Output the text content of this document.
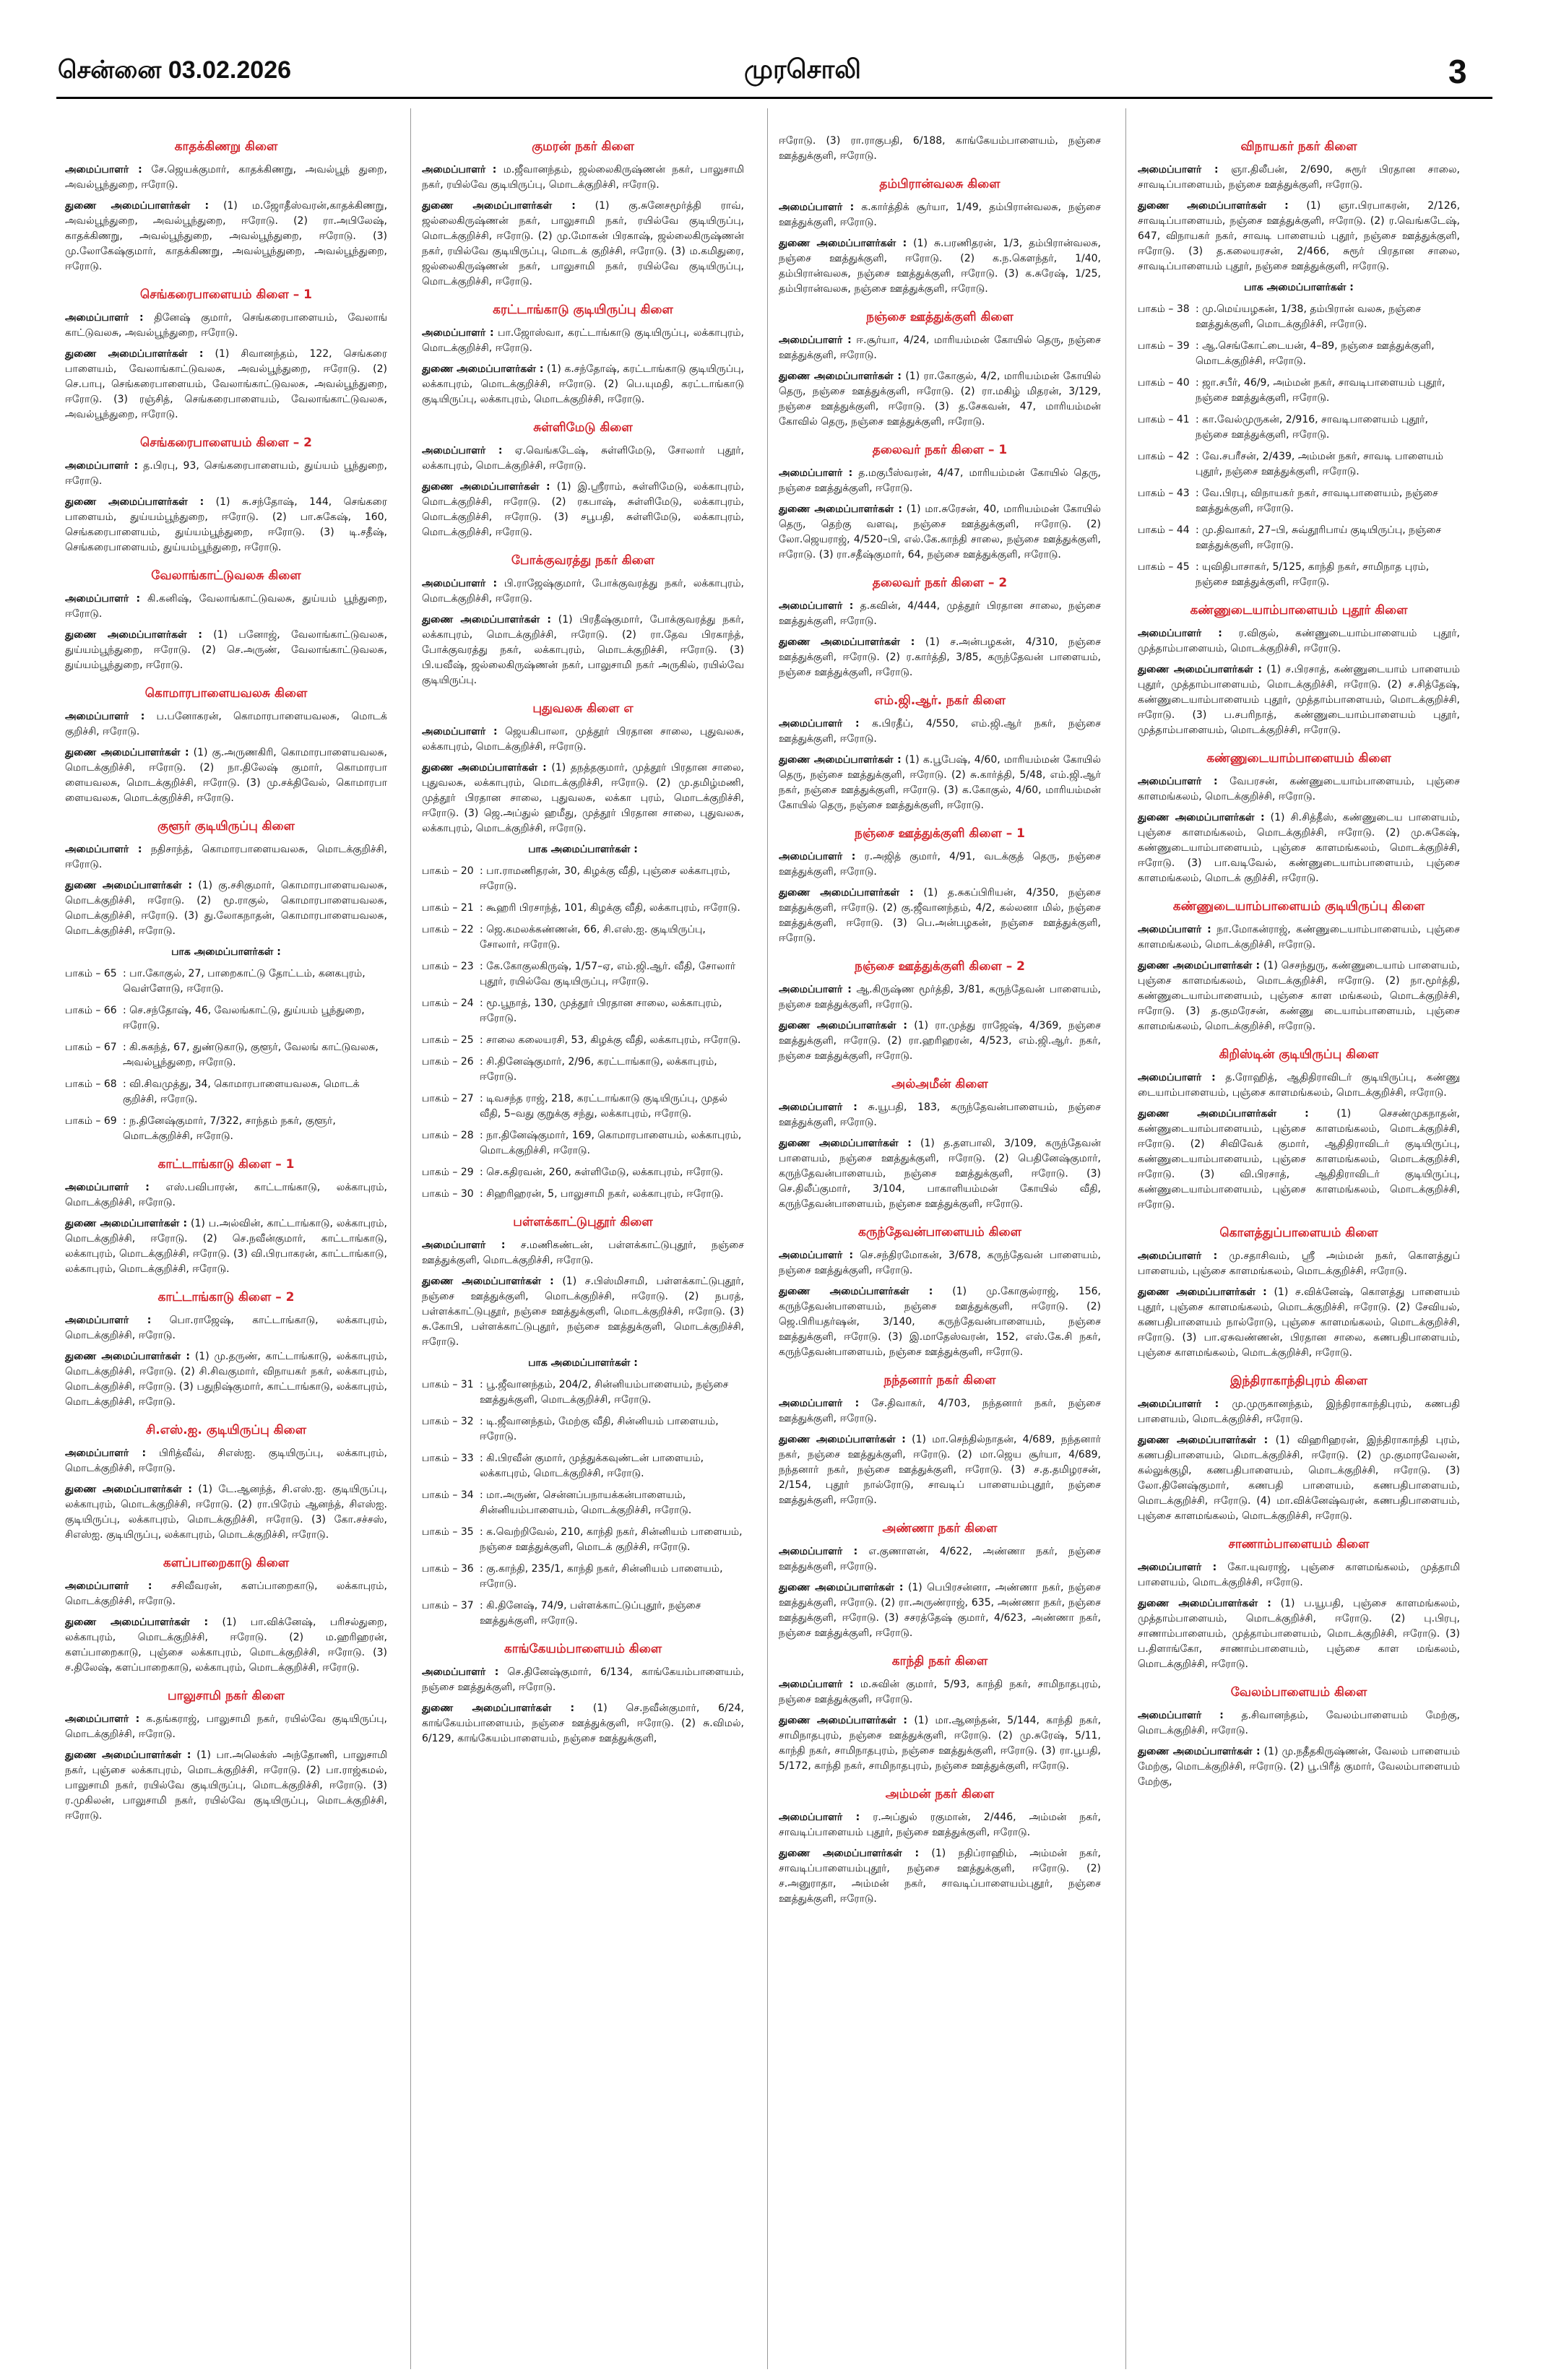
சென்னை 03.02.2026	முரசொலி	3
காதக்கிணறு கிளை

அமைப்பாளர் : சே.ஜெயக்குமார், காதக்கிணறு, அவல்பூந் துறை, அவல்பூந்துறை, ஈரோடு.

துணை அமைப்பாளர்கள் : (1) ம.ஜோதீஸ்வரன்,காதக்கிணறு, அவல்பூந்துறை, அவல்பூந்துறை, ஈரோடு. (2) ரா.அபிலேஷ், காதக்கிணறு, அவல்பூந்துறை, அவல்பூந்துறை, ஈரோடு. (3) மு.லோகேஷ்குமார், காதக்கிணறு, அவல்பூந்துறை, அவல்பூந்துறை, ஈரோடு.

செங்கரைபாளையம் கிளை – 1

அமைப்பாளர் : தினேஷ் குமார், செங்கரைபாளையம், வேலாங் காட்டுவலசு, அவல்பூந்துறை, ஈரோடு.

துணை அமைப்பாளர்கள் : (1) சிவானந்தம், 122, செங்கரை பாளையம், வேலாங்காட்டுவலசு, அவல்பூந்துறை, ஈரோடு. (2) செ.பாபு, செங்கரைபாளையம், வேலாங்காட்டுவலசு, அவல்பூந்துறை, ஈரோடு. (3) ரஞ்சித், செங்கரைபாளையம், வேலாங்காட்டுவலசு, அவல்பூந்துறை, ஈரோடு.

செங்கரைபாளையம் கிளை – 2

அமைப்பாளர் : த.பிரபு, 93, செங்கரைபாளையம், துய்யம் பூந்துறை, ஈரோடு.

துணை அமைப்பாளர்கள் : (1) சு.சந்தோஷ், 144, செங்கரை பாளையம், துய்யம்பூந்துறை, ஈரோடு. (2) பா.சுகேஷ், 160, செங்கரைபாளையம், துய்யம்பூந்துறை, ஈரோடு. (3) டி.சதீஷ், செங்கரைபாளையம், துய்யம்பூந்துறை, ஈரோடு.

வேலாங்காட்டுவலசு கிளை

அமைப்பாளர் : கி.கனிஷ், வேலாங்காட்டுவலசு, துய்யம் பூந்துறை, ஈரோடு.

துணை அமைப்பாளர்கள் : (1) பனோஜ், வேலாங்காட்டுவலசு, துய்யம்பூந்துறை, ஈரோடு. (2) செ.அருண், வேலாங்காட்டுவலசு, துய்யம்பூந்துறை, ஈரோடு.

கொமாரபாளையவலசு கிளை

அமைப்பாளர் : ப.பனோகரன், கொமாரபாளையவலசு, மொடக் குறிச்சி, ஈரோடு.

துணை அமைப்பாளர்கள் : (1) கு.அருணகிரி, கொமாரபாளையவலசு, மொடக்குறிச்சி, ஈரோடு. (2) நா.திலேஷ் குமார், கொமாரபா ளையவலசு, மொடக்குறிச்சி, ஈரோடு. (3) மு.சக்திவேல், கொமாரபா ளையவலசு, மொடக்குறிச்சி, ஈரோடு.

குளூர் குடியிருப்பு கிளை

அமைப்பாளர் : நதிசாந்த், கொமாரபாளையவலசு, மொடக்குறிச்சி, ஈரோடு.

துணை அமைப்பாளர்கள் : (1) கு.சசிகுமார், கொமாரபாளையவலசு, மொடக்குறிச்சி, ஈரோடு. (2) மூ.ராகுல், கொமாரபாளையவலசு, மொடக்குறிச்சி, ஈரோடு. (3) து.லோகநாதன், கொமாரபாளையவலசு, மொடக்குறிச்சி, ஈரோடு.

பாக அமைப்பாளர்கள் :
பாகம் – 65 : பா.கோகுல், 27, பாறைகாட்டு தோட்டம், கனகபுரம், வெள்ளோடு, ஈரோடு.
பாகம் – 66 : செ.சந்தோஷ், 46, வேலங்காட்டு, துய்யம் பூந்துறை, ஈரோடு.
பாகம் – 67 : கி.சுகந்த், 67, துண்டுகாடு, குளூர், வேலங் காட்டுவலசு, அவல்பூந்துறை, ஈரோடு.
பாகம் – 68 : வி.சிவமுத்து, 34, கொமாரபாளையவலசு, மொடக் குறிச்சி, ஈரோடு.
பாகம் – 69 : ந.தினேஷ்குமார், 7/322, சாந்தம் நகர், குளூர், மொடக்குறிச்சி, ஈரோடு.
காட்டாங்காடு கிளை – 1

அமைப்பாளர் : எஸ்.பவிபாரன், காட்டாங்காடு, லக்காபுரம், மொடக்குறிச்சி, ஈரோடு.

துணை அமைப்பாளர்கள் : (1) ப.அல்வின், காட்டாங்காடு, லக்காபுரம், மொடக்குறிச்சி, ஈரோடு. (2) செ.நவீன்குமார், காட்டாங்காடு, லக்காபுரம், மொடக்குறிச்சி, ஈரோடு. (3) வி.பிரபாகரன், காட்டாங்காடு, லக்காபுரம், மொடக்குறிச்சி, ஈரோடு.

காட்டாங்காடு கிளை – 2

அமைப்பாளர் : பொ.ராஜேஷ், காட்டாங்காடு, லக்காபுரம், மொடக்குறிச்சி, ஈரோடு.

துணை அமைப்பாளர்கள் : (1) மு.தருண், காட்டாங்காடு, லக்காபுரம், மொடக்குறிச்சி, ஈரோடு. (2) சி.சிவகுமார், விநாயகர் நகர், லக்காபுரம், மொடக்குறிச்சி, ஈரோடு. (3) பதுநிஷ்குமார், காட்டாங்காடு, லக்காபுரம், மொடக்குறிச்சி, ஈரோடு.

சி.எஸ்.ஐ. குடியிருப்பு கிளை

அமைப்பாளர் : பிரித்வீவ், சிஎஸ்ஐ. குடியிருப்பு, லக்காபுரம், மொடக்குறிச்சி, ஈரோடு.

துணை அமைப்பாளர்கள் : (1) டே.ஆனந்த், சி.எஸ்.ஐ. குடியிருப்பு, லக்காபுரம், மொடக்குறிச்சி, ஈரோடு. (2) ரா.பிரேம் ஆனந்த், சிஎஸ்ஐ. குடியிருப்பு, லக்காபுரம், மொடக்குறிச்சி, ஈரோடு. (3) கோ.சச்சஸ், சிஎஸ்ஐ. குடியிருப்பு, லக்காபுரம், மொடக்குறிச்சி, ஈரோடு.

களப்பாறைகாடு கிளை

அமைப்பாளர் : சசிவீவரன், களப்பாறைகாடு, லக்காபுரம், மொடக்குறிச்சி, ஈரோடு.

துணை அமைப்பாளர்கள் : (1) பா.விக்னேஷ், பரிசல்துறை, லக்காபுரம், மொடக்குறிச்சி, ஈரோடு. (2) ம.ஹரிஹரன், களப்பாறைகாடு, புஞ்சை லக்காபுரம், மொடக்குறிச்சி, ஈரோடு. (3) ச.திலேஷ், களப்பாறைகாடு, லக்காபுரம், மொடக்குறிச்சி, ஈரோடு.

பாலுசாமி நகர் கிளை

அமைப்பாளர் : க.தங்கராஜ், பாலுசாமி நகர், ரயில்வே குடியிருப்பு, மொடக்குறிச்சி, ஈரோடு.

துணை அமைப்பாளர்கள் : (1) பா.அலெக்ஸ் அந்தோணி, பாலுசாமி நகர், புஞ்சை லக்காபுரம், மொடக்குறிச்சி, ஈரோடு. (2) பா.ராஜ்கமல், பாலுசாமி நகர், ரயில்வே குடியிருப்பு, மொடக்குறிச்சி, ஈரோடு. (3) ர.முகிலன், பாலுசாமி நகர், ரயில்வே குடியிருப்பு, மொடக்குறிச்சி, ஈரோடு.

குமரன் நகர் கிளை

அமைப்பாளர் : ம.ஜீவானந்தம், ஜல்லைகிருஷ்ணன் நகர், பாலுசாமி நகர், ரயில்வே குடியிருப்பு, மொடக்குறிச்சி, ஈரோடு.

துணை அமைப்பாளர்கள் : (1) கு.சுனேசமூர்த்தி ராவ், ஜல்லைகிருஷ்ணன் நகர், பாலுசாமி நகர், ரயில்வே குடியிருப்பு, மொடக்குறிச்சி, ஈரோடு. (2) மு.மோகன் பிரகாஷ், ஜல்லைகிருஷ்ணன் நகர், ரயில்வே குடியிருப்பு, மொடக் குறிச்சி, ஈரோடு. (3) ம.கமிதுரை, ஜல்லைகிருஷ்ணன் நகர், பாலுசாமி நகர், ரயில்வே குடியிருப்பு, மொடக்குறிச்சி, ஈரோடு.

கரட்டாங்காடு குடியிருப்பு கிளை

அமைப்பாளர் : பா.ஜோஸ்வா, கரட்டாங்காடு குடியிருப்பு, லக்காபுரம், மொடக்குறிச்சி, ஈரோடு.

துணை அமைப்பாளர்கள் : (1) க.சந்தோஷ், கரட்டாங்காடு குடியிருப்பு, லக்காபுரம், மொடக்குறிச்சி, ஈரோடு. (2) பெ.யுமதி, கரட்டாங்காடு குடியிருப்பு, லக்காபுரம், மொடக்குறிச்சி, ஈரோடு.

சுள்ளிமேடு கிளை

அமைப்பாளர் : ஏ.வெங்கடேஷ், சுள்ளிமேடு, சோலார் புதூர், லக்காபுரம், மொடக்குறிச்சி, ஈரோடு.

துணை அமைப்பாளர்கள் : (1) இ.ஸ்ரீராம், சுள்ளிமேடு, லக்காபுரம், மொடக்குறிச்சி, ஈரோடு. (2) ரகபாஷ், சுள்ளிமேடு, லக்காபுரம், மொடக்குறிச்சி, ஈரோடு. (3) சபூபதி, சுள்ளிமேடு, லக்காபுரம், மொடக்குறிச்சி, ஈரோடு.

போக்குவரத்து நகர் கிளை

அமைப்பாளர் : பி.ராஜேஷ்குமார், போக்குவரத்து நகர், லக்காபுரம், மொடக்குறிச்சி, ஈரோடு.

துணை அமைப்பாளர்கள் : (1) பிரதீஷ்குமார், போக்குவரத்து நகர், லக்காபுரம், மொடக்குறிச்சி, ஈரோடு. (2) ரா.தேவ பிரகாந்த், போக்குவரத்து நகர், லக்காபுரம், மொடக்குறிச்சி, ஈரோடு. (3) பி.யவீஷ், ஜல்லைகிருஷ்ணன் நகர், பாலுசாமி நகர் அருகில், ரயில்வே குடியிருப்பு.

புதுவலசு கிளை எ

அமைப்பாளர் : ஜெயகிபாலா, முத்தூர் பிரதான சாலை, புதுவலசு, லக்காபுரம், மொடக்குறிச்சி, ஈரோடு.

துணை அமைப்பாளர்கள் : (1) தநத்தகுமார், முத்தூர் பிரதான சாலை, புதுவலசு, லக்காபுரம், மொடக்குறிச்சி, ஈரோடு. (2) மு.தமிழ்மணி, முத்தூர் பிரதான சாலை, புதுவலசு, லக்கா புரம், மொடக்குறிச்சி, ஈரோடு. (3) ஜெ.அப்துல் ஹமீது, முத்தூர் பிரதான சாலை, புதுவலசு, லக்காபுரம், மொடக்குறிச்சி, ஈரோடு.

பாக அமைப்பாளர்கள் :
பாகம் – 20 : பா.ராமணிதரன், 30, கிழக்கு வீதி, புஞ்சை லக்காபுரம், ஈரோடு.
பாகம் – 21 : கூஹரி பிரசாந்த், 101, கிழக்கு வீதி, லக்காபுரம், ஈரோடு.
பாகம் – 22 : ஜெ.கமலக்கண்ணன், 66, சி.எஸ்.ஐ. குடியிருப்பு, சோலார், ஈரோடு.
பாகம் – 23 : கே.கோகுலகிருஷ், 1/57–ஏ, எம்.ஜி.ஆர். வீதி, சோலார் புதூர், ரயில்வே குடியிருப்பு, ஈரோடு.
பாகம் – 24 : மூ.பூநாத், 130, முத்தூர் பிரதான சாலை, லக்காபுரம், ஈரோடு.
பாகம் – 25 : சாலை கலையரசி, 53, கிழக்கு வீதி, லக்காபுரம், ஈரோடு.
பாகம் – 26 : சி.தினேஷ்குமார், 2/96, கரட்டாங்காடு, லக்காபுரம், ஈரோடு.
பாகம் – 27 : டிவசந்த ராஜ், 218, கரட்டாங்காடு குடியிருப்பு, முதல் வீதி, 5–வது குறுக்கு சந்து, லக்காபுரம், ஈரோடு.
பாகம் – 28 : நா.தினேஷ்குமார், 169, கொமாரபாளையம், லக்காபுரம், மொடக்குறிச்சி, ஈரோடு.
பாகம் – 29 : செ.கதிரவன், 260, சுள்ளிமேடு, லக்காபுரம், ஈரோடு.
பாகம் – 30 : சிஹரிஹரன், 5, பாலுசாமி நகர், லக்காபுரம், ஈரோடு.
பள்ளக்காட்டுபுதூர் கிளை

அமைப்பாளர் : ச.மணிகண்டன், பள்ளக்காட்டுபுதூர், நஞ்சை ஊத்துக்குளி, மொடக்குறிச்சி, ஈரோடு.

துணை அமைப்பாளர்கள் : (1) ச.பிஸ்மிசாமி, பள்ளக்காட்டுபுதூர், நஞ்சை ஊத்துக்குளி, மொடக்குறிச்சி, ஈரோடு. (2) நபரத், பள்ளக்காட்டுபுதூர், நஞ்சை ஊத்துக்குளி, மொடக்குறிச்சி, ஈரோடு. (3) சு.கோபி, பள்ளக்காட்டுபுதூர், நஞ்சை ஊத்துக்குளி, மொடக்குறிச்சி, ஈரோடு.

பாக அமைப்பாளர்கள் :
பாகம் – 31 : பூ.ஜீவானந்தம், 204/2, சின்னியம்பாளையம், நஞ்சை ஊத்துக்குளி, மொடக்குறிச்சி, ஈரோடு.
பாகம் – 32 : டி.ஜீவானந்தம், மேற்கு வீதி, சின்னியம் பாளையம், ஈரோடு.
பாகம் – 33 : கி.பிரவீன் குமார், முத்துக்கவுண்டன் பாளையம், லக்காபுரம், மொடக்குறிச்சி, ஈரோடு.
பாகம் – 34 : மா.அருண், சென்னப்பநாயக்கன்பாளையம், சின்னியம்பாளையம், மொடக்குறிச்சி, ஈரோடு.
பாகம் – 35 : க.வெற்றிவேல், 210, காந்தி நகர், சின்னியம் பாளையம், நஞ்சை ஊத்துக்குளி, மொடக் குறிச்சி, ஈரோடு.
பாகம் – 36 : கு.காந்தி, 235/1, காந்தி நகர், சின்னியம் பாளையம், ஈரோடு.
பாகம் – 37 : கி.தினேஷ், 74/9, பள்ளக்காட்டுப்புதூர், நஞ்சை ஊத்துக்குளி, ஈரோடு.
காங்கேயம்பாளையம் கிளை

அமைப்பாளர் : செ.தினேஷ்குமார், 6/134, காங்கேயம்பாளையம், நஞ்சை ஊத்துக்குளி, ஈரோடு.

துணை அமைப்பாளர்கள் : (1) செ.நவீன்குமார், 6/24, காங்கேயம்பாளையம், நஞ்சை ஊத்துக்குளி, ஈரோடு. (2) சு.விமல், 6/129, காங்கேயம்பாளையம், நஞ்சை ஊத்துக்குளி,

ஈரோடு. (3) ரா.ராகுபதி, 6/188, காங்கேயம்பாளையம், நஞ்சை ஊத்துக்குளி, ஈரோடு.

தம்பிரான்வலசு கிளை

அமைப்பாளர் : க.கார்த்திக் சூர்யா, 1/49, தம்பிரான்வலசு, நஞ்சை ஊத்துக்குளி, ஈரோடு.

துணை அமைப்பாளர்கள் : (1) சு.பரணிதரன், 1/3, தம்பிரான்வலசு, நஞ்சை ஊத்துக்குளி, ஈரோடு. (2) க.ந.கௌந்தர், 1/40, தம்பிரான்வலசு, நஞ்சை ஊத்துக்குளி, ஈரோடு. (3) க.சுரேஷ், 1/25, தம்பிரான்வலசு, நஞ்சை ஊத்துக்குளி, ஈரோடு.

நஞ்சை ஊத்துக்குளி கிளை

அமைப்பாளர் : ஈ.சூர்யா, 4/24, மாரியம்மன் கோயில் தெரு, நஞ்சை ஊத்துக்குளி, ஈரோடு.

துணை அமைப்பாளர்கள் : (1) ரா.கோகுல், 4/2, மாரியம்மன் கோயில் தெரு, நஞ்சை ஊத்துக்குளி, ஈரோடு. (2) ரா.மகிழ் மிதரன், 3/129, நஞ்சை ஊத்துக்குளி, ஈரோடு. (3) த.சேகவன், 47, மாரியம்மன் கோவில் தெரு, நஞ்சை ஊத்துக்குளி, ஈரோடு.

தலைவர் நகர் கிளை – 1

அமைப்பாளர் : த.மகுபீஸ்வரன், 4/47, மாரியம்மன் கோயில் தெரு, நஞ்சை ஊத்துக்குளி, ஈரோடு.

துணை அமைப்பாளர்கள் : (1) மா.சுரேசன், 40, மாரியம்மன் கோயில் தெரு, தெற்கு வளவு, நஞ்சை ஊத்துக்குளி, ஈரோடு. (2) லோ.ஜெயராஜ், 4/520–பி, எல்.கே.காந்தி சாலை, நஞ்சை ஊத்துக்குளி, ஈரோடு. (3) ரா.சதீஷ்குமார், 64, நஞ்சை ஊத்துக்குளி, ஈரோடு.

தலைவர் நகர் கிளை – 2

அமைப்பாளர் : த.கவின், 4/444, முத்தூர் பிரதான சாலை, நஞ்சை ஊத்துக்குளி, ஈரோடு.

துணை அமைப்பாளர்கள் : (1) ச.அன்பழகன், 4/310, நஞ்சை ஊத்துக்குளி, ஈரோடு. (2) ர.கார்த்தி, 3/85, கருந்தேவன் பாளையம், நஞ்சை ஊத்துக்குளி, ஈரோடு.

எம்.ஜி.ஆர். நகர் கிளை

அமைப்பாளர் : க.பிரதீப், 4/550, எம்.ஜி.ஆர் நகர், நஞ்சை ஊத்துக்குளி, ஈரோடு.

துணை அமைப்பாளர்கள் : (1) க.பூபேஷ், 4/60, மாரியம்மன் கோயில் தெரு, நஞ்சை ஊத்துக்குளி, ஈரோடு. (2) சு.கார்த்தி, 5/48, எம்.ஜி.ஆர் நகர், நஞ்சை ஊத்துக்குளி, ஈரோடு. (3) க.கோகுல், 4/60, மாரியம்மன் கோயில் தெரு, நஞ்சை ஊத்துக்குளி, ஈரோடு.

நஞ்சை ஊத்துக்குளி கிளை – 1

அமைப்பாளர் : ர.அஜித் குமார், 4/91, வடக்குத் தெரு, நஞ்சை ஊத்துக்குளி, ஈரோடு.

துணை அமைப்பாளர்கள் : (1) த.சுகப்பிரியன், 4/350, நஞ்சை ஊத்துக்குளி, ஈரோடு. (2) கு.ஜீவானந்தம், 4/2, கல்லனா மில், நஞ்சை ஊத்துக்குளி, ஈரோடு. (3) பெ.அன்பழகன், நஞ்சை ஊத்துக்குளி, ஈரோடு.

நஞ்சை ஊத்துக்குளி கிளை – 2

அமைப்பாளர் : ஆ.கிருஷ்ண மூர்த்தி, 3/81, கருந்தேவன் பாளையம், நஞ்சை ஊத்துக்குளி, ஈரோடு.

துணை அமைப்பாளர்கள் : (1) ரா.முத்து ராஜேஷ், 4/369, நஞ்சை ஊத்துக்குளி, ஈரோடு. (2) ரா.ஹரிஹரன், 4/523, எம்.ஜி.ஆர். நகர், நஞ்சை ஊத்துக்குளி, ஈரோடு.

அல்அமீன் கிளை

அமைப்பாளர் : சு.யூபதி, 183, கருந்தேவன்பாளையம், நஞ்சை ஊத்துக்குளி, ஈரோடு.

துணை அமைப்பாளர்கள் : (1) த.தளபாலி, 3/109, கருந்தேவன் பாளையம், நஞ்சை ஊத்துக்குளி, ஈரோடு. (2) பெதினேஷ்குமார், கருந்தேவன்பாளையம், நஞ்சை ஊத்துக்குளி, ஈரோடு. (3) செ.திலீப்குமார், 3/104, பாகாளியம்மன் கோயில் வீதி, கருந்தேவன்பாளையம், நஞ்சை ஊத்துக்குளி, ஈரோடு.

கருந்தேவன்பாளையம் கிளை

அமைப்பாளர் : செ.சந்திரமோகன், 3/678, கருந்தேவன் பாளையம், நஞ்சை ஊத்துக்குளி, ஈரோடு.

துணை அமைப்பாளர்கள் : (1) மு.கோகுல்ராஜ், 156, கருந்தேவன்பாளையம், நஞ்சை ஊத்துக்குளி, ஈரோடு. (2) ஜெ.பிரியதர்ஷன், 3/140, கருந்தேவன்பாளையம், நஞ்சை ஊத்துக்குளி, ஈரோடு. (3) இ.மாதேஸ்வரன், 152, எஸ்.கே.சி நகர், கருந்தேவன்பாளையம், நஞ்சை ஊத்துக்குளி, ஈரோடு.

நந்தனார் நகர் கிளை

அமைப்பாளர் : சே.திவாகர், 4/703, நந்தனார் நகர், நஞ்சை ஊத்துக்குளி, ஈரோடு.

துணை அமைப்பாளர்கள் : (1) மா.செந்தில்நாதன், 4/689, நந்தனார் நகர், நஞ்சை ஊத்துக்குளி, ஈரோடு. (2) மா.ஜெய சூர்யா, 4/689, நந்தனார் நகர், நஞ்சை ஊத்துக்குளி, ஈரோடு. (3) ச.த.தமிழரசன், 2/154, புதூர் நால்ரோடு, சாவடிப் பாளையம்புதூர், நஞ்சை ஊத்துக்குளி, ஈரோடு.

அண்ணா நகர் கிளை

அமைப்பாளர் : எ.குணாளன், 4/622, அண்ணா நகர், நஞ்சை ஊத்துக்குளி, ஈரோடு.

துணை அமைப்பாளர்கள் : (1) பெபிரசன்னா, அண்ணா நகர், நஞ்சை ஊத்துக்குளி, ஈரோடு. (2) ரா.அருண்ராஜ், 635, அண்ணா நகர், நஞ்சை ஊத்துக்குளி, ஈரோடு. (3) சசரத்தேஷ் குமார், 4/623, அண்ணா நகர், நஞ்சை ஊத்துக்குளி, ஈரோடு.

காந்தி நகர் கிளை

அமைப்பாளர் : ம.சுவின் குமார், 5/93, காந்தி நகர், சாமிநாதபுரம், நஞ்சை ஊத்துக்குளி, ஈரோடு.

துணை அமைப்பாளர்கள் : (1) மா.ஆனந்தன், 5/144, காந்தி நகர், சாமிநாதபுரம், நஞ்சை ஊத்துக்குளி, ஈரோடு. (2) மு.சுரேஷ், 5/11, காந்தி நகர், சாமிநாதபுரம், நஞ்சை ஊத்துக்குளி, ஈரோடு. (3) ரா.பூபதி, 5/172, காந்தி நகர், சாமிநாதபுரம், நஞ்சை ஊத்துக்குளி, ஈரோடு.

அம்மன் நகர் கிளை

அமைப்பாளர் : ர.அப்துல் ரகுமான், 2/446, அம்மன் நகர், சாவடிப்பாளையம் புதூர், நஞ்சை ஊத்துக்குளி, ஈரோடு.

துணை அமைப்பாளர்கள் : (1) நதிப்ராஹிம், அம்மன் நகர், சாவடிப்பாளையம்புதூர், நஞ்சை ஊத்துக்குளி, ஈரோடு. (2) ச.அனுராதா, அம்மன் நகர், சாவடிப்பாளையம்புதூர், நஞ்சை ஊத்துக்குளி, ஈரோடு.

விநாயகர் நகர் கிளை

அமைப்பாளர் : ஞா.திலீபன், 2/690, சுரூர் பிரதான சாலை, சாவடிப்பாளையம், நஞ்சை ஊத்துக்குளி, ஈரோடு.

துணை அமைப்பாளர்கள் : (1) ஞா.பிரபாகரன், 2/126, சாவடிப்பாளையம், நஞ்சை ஊத்துக்குளி, ஈரோடு. (2) ர.வெங்கடேஷ், 647, விநாயகர் நகர், சாவடி பாளையம் புதூர், நஞ்சை ஊத்துக்குளி, ஈரோடு. (3) த.கலையரசன், 2/466, சுரூர் பிரதான சாலை, சாவடிப்பாளையம் புதூர், நஞ்சை ஊத்துக்குளி, ஈரோடு.

பாக அமைப்பாளர்கள் :
பாகம் – 38 : மு.மெய்யழகன், 1/38, தம்பிரான் வலசு, நஞ்சை ஊத்துக்குளி, மொடக்குறிச்சி, ஈரோடு.
பாகம் – 39 : ஆ.செங்கோட்டையன், 4–89, நஞ்சை ஊத்துக்குளி, மொடக்குறிச்சி, ஈரோடு.
பாகம் – 40 : ஜா.சபீர், 46/9, அம்மன் நகர், சாவடிபாளையம் புதூர், நஞ்சை ஊத்துக்குளி, ஈரோடு.
பாகம் – 41 : கா.வேல்முருகன், 2/916, சாவடிபாளையம் புதூர், நஞ்சை ஊத்துக்குளி, ஈரோடு.
பாகம் – 42 : வே.சபரீசன், 2/439, அம்மன் நகர், சாவடி பாளையம் புதூர், நஞ்சை ஊத்துக்குளி, ஈரோடு.
பாகம் – 43 : வே.பிரபு, விநாயகர் நகர், சாவடிபாளையம், நஞ்சை ஊத்துக்குளி, ஈரோடு.
பாகம் – 44 : மு.திவாகர், 27–பி, சுவ்தூரிபாய் குடியிருப்பு, நஞ்சை ஊத்துக்குளி, ஈரோடு.
பாகம் – 45 : யுவிதிபாசாகர், 5/125, காந்தி நகர், சாமிநாத புரம், நஞ்சை ஊத்துக்குளி, ஈரோடு.
கண்ணுடையாம்பாளையம் புதூர் கிளை

அமைப்பாளர் : ர.விகுல், கண்ணுடையாம்பாளையம் புதூர், முத்தாம்பாளையம், மொடக்குறிச்சி, ஈரோடு.

துணை அமைப்பாளர்கள் : (1) ச.பிரசாத், கண்ணுடையாம் பாளையம் புதூர், முத்தாம்பாளையம், மொடக்குறிச்சி, ஈரோடு. (2) ச.சித்தேஷ், கண்ணுடையாம்பாளையம் புதூர், முத்தாம்பாளையம், மொடக்குறிச்சி, ஈரோடு. (3) ப.சபரிநாத், கண்ணுடையாம்பாளையம் புதூர், முத்தாம்பாளையம், மொடக்குறிச்சி, ஈரோடு.

கண்ணுடையாம்பாளையம் கிளை

அமைப்பாளர் : வேபரசன், கண்ணுடையாம்பாளையம், புஞ்சை காளமங்கலம், மொடக்குறிச்சி, ஈரோடு.

துணை அமைப்பாளர்கள் : (1) சி.சித்தீஸ், கண்ணுடைய பாளையம், புஞ்சை காளமங்கலம், மொடக்குறிச்சி, ஈரோடு. (2) மு.சுகேஷ், கண்ணுடையாம்பாளையம், புஞ்சை காளமங்கலம், மொடக்குறிச்சி, ஈரோடு. (3) பா.வடிவேல், கண்ணுடையாம்பாளையம், புஞ்சை காளமங்கலம், மொடக் குறிச்சி, ஈரோடு.

கண்ணுடையாம்பாளையம் குடியிருப்பு கிளை

அமைப்பாளர் : நா.மோகன்ராஜ், கண்ணுடையாம்பாளையம், புஞ்சை காளமங்கலம், மொடக்குறிச்சி, ஈரோடு.

துணை அமைப்பாளர்கள் : (1) செசந்துரு, கண்ணுடையாம் பாளையம், புஞ்சை காளமங்கலம், மொடக்குறிச்சி, ஈரோடு. (2) நா.மூர்த்தி, கண்ணுடையாம்பாளையம், புஞ்சை காள மங்கலம், மொடக்குறிச்சி, ஈரோடு. (3) த.குமரேசன், கண்ணு டையாம்பாளையம், புஞ்சை காளமங்கலம், மொடக்குறிச்சி, ஈரோடு.

கிறிஸ்டின் குடியிருப்பு கிளை

அமைப்பாளர் : த.ரோஹித், ஆதிதிராவிடர் குடியிருப்பு, கண்ணு டையாம்பாளையம், புஞ்சை காளமங்கலம், மொடக்குறிச்சி, ஈரோடு.

துணை அமைப்பாளர்கள் :	(1) செசண்முகநாதன், கண்ணுடையாம்பாளையம், புஞ்சை காளமங்கலம், மொடக்குறிச்சி, ஈரோடு. (2) சிவிவேக் குமார், ஆதிதிராவிடர் குடியிருப்பு, கண்ணுடையாம்பாளையம், புஞ்சை காளமங்கலம், மொடக்குறிச்சி, ஈரோடு. (3) வி.பிரசாத், ஆதிதிராவிடர் குடியிருப்பு, கண்ணுடையாம்பாளையம், புஞ்சை காளமங்கலம், மொடக்குறிச்சி, ஈரோடு.

கொளத்துப்பாளையம் கிளை

அமைப்பாளர் : மு.சதாசிவம், ஸ்ரீ அம்மன் நகர், கொளத்துப் பாளையம், புஞ்சை காளமங்கலம், மொடக்குறிச்சி, ஈரோடு.

துணை அமைப்பாளர்கள் : (1) ச.விக்னேஷ், கொளத்து பாளையம் புதூர், புஞ்சை காளமங்கலம், மொடக்குறிச்சி, ஈரோடு. (2) சேவியல், கணபதிபாளையம் நால்ரோடு, புஞ்சை காளமங்கலம், மொடக்குறிச்சி, ஈரோடு. (3) பா.ஏசுவண்ணன், பிரதான சாலை, கணபதிபாளையம், புஞ்சை காளமங்கலம், மொடக்குறிச்சி, ஈரோடு.

இந்திராகாந்திபுரம் கிளை

அமைப்பாளர் : மு.முருகானந்தம், இந்திராகாந்திபுரம், கணபதி பாளையம், மொடக்குறிச்சி, ஈரோடு.

துணை அமைப்பாளர்கள் : (1) விஹரிஹரன், இந்திராகாந்தி புரம், கணபதிபாளையம், மொடக்குறிச்சி, ஈரோடு. (2) மு.குமாரவேலன், கல்லுக்குழி, கணபதிபாளையம், மொடக்குறிச்சி, ஈரோடு. (3) லோ.தினேஷ்குமார், கணபதி பாளையம், கணபதிபாளையம், மொடக்குறிச்சி, ஈரோடு. (4) மா.விக்னேஷ்வரன், கணபதிபாளையம், புஞ்சை காளமங்கலம், மொடக்குறிச்சி, ஈரோடு.

சாணாம்பாளையம் கிளை

அமைப்பாளர் : கோ.யுவராஜ், புஞ்சை காளமங்கலம், முத்தாமி பாளையம், மொடக்குறிச்சி, ஈரோடு.

துணை அமைப்பாளர்கள் : (1) ப.யூபதி, புஞ்சை காளமங்கலம், முத்தாம்பாளையம், மொடக்குறிச்சி, ஈரோடு. (2) பு.பிரபு, சாணாம்பாளையம், முத்தாம்பாளையம், மொடக்குறிச்சி, ஈரோடு. (3) ப.திளாங்கோ, சாணாம்பாளையம், புஞ்சை காள மங்கலம், மொடக்குறிச்சி, ஈரோடு.

வேலம்பாளையம் கிளை

அமைப்பாளர் : த.சிவானந்தம், வேலம்பாளையம் மேற்கு, மொடக்குறிச்சி, ஈரோடு.

துணை அமைப்பாளர்கள் : (1) மு.நதீதகிருஷ்ணன், வேலம் பாளையம் மேற்கு, மொடக்குறிச்சி, ஈரோடு. (2) பூ.பிரீத் குமார், வேலம்பாளையம் மேற்கு,
